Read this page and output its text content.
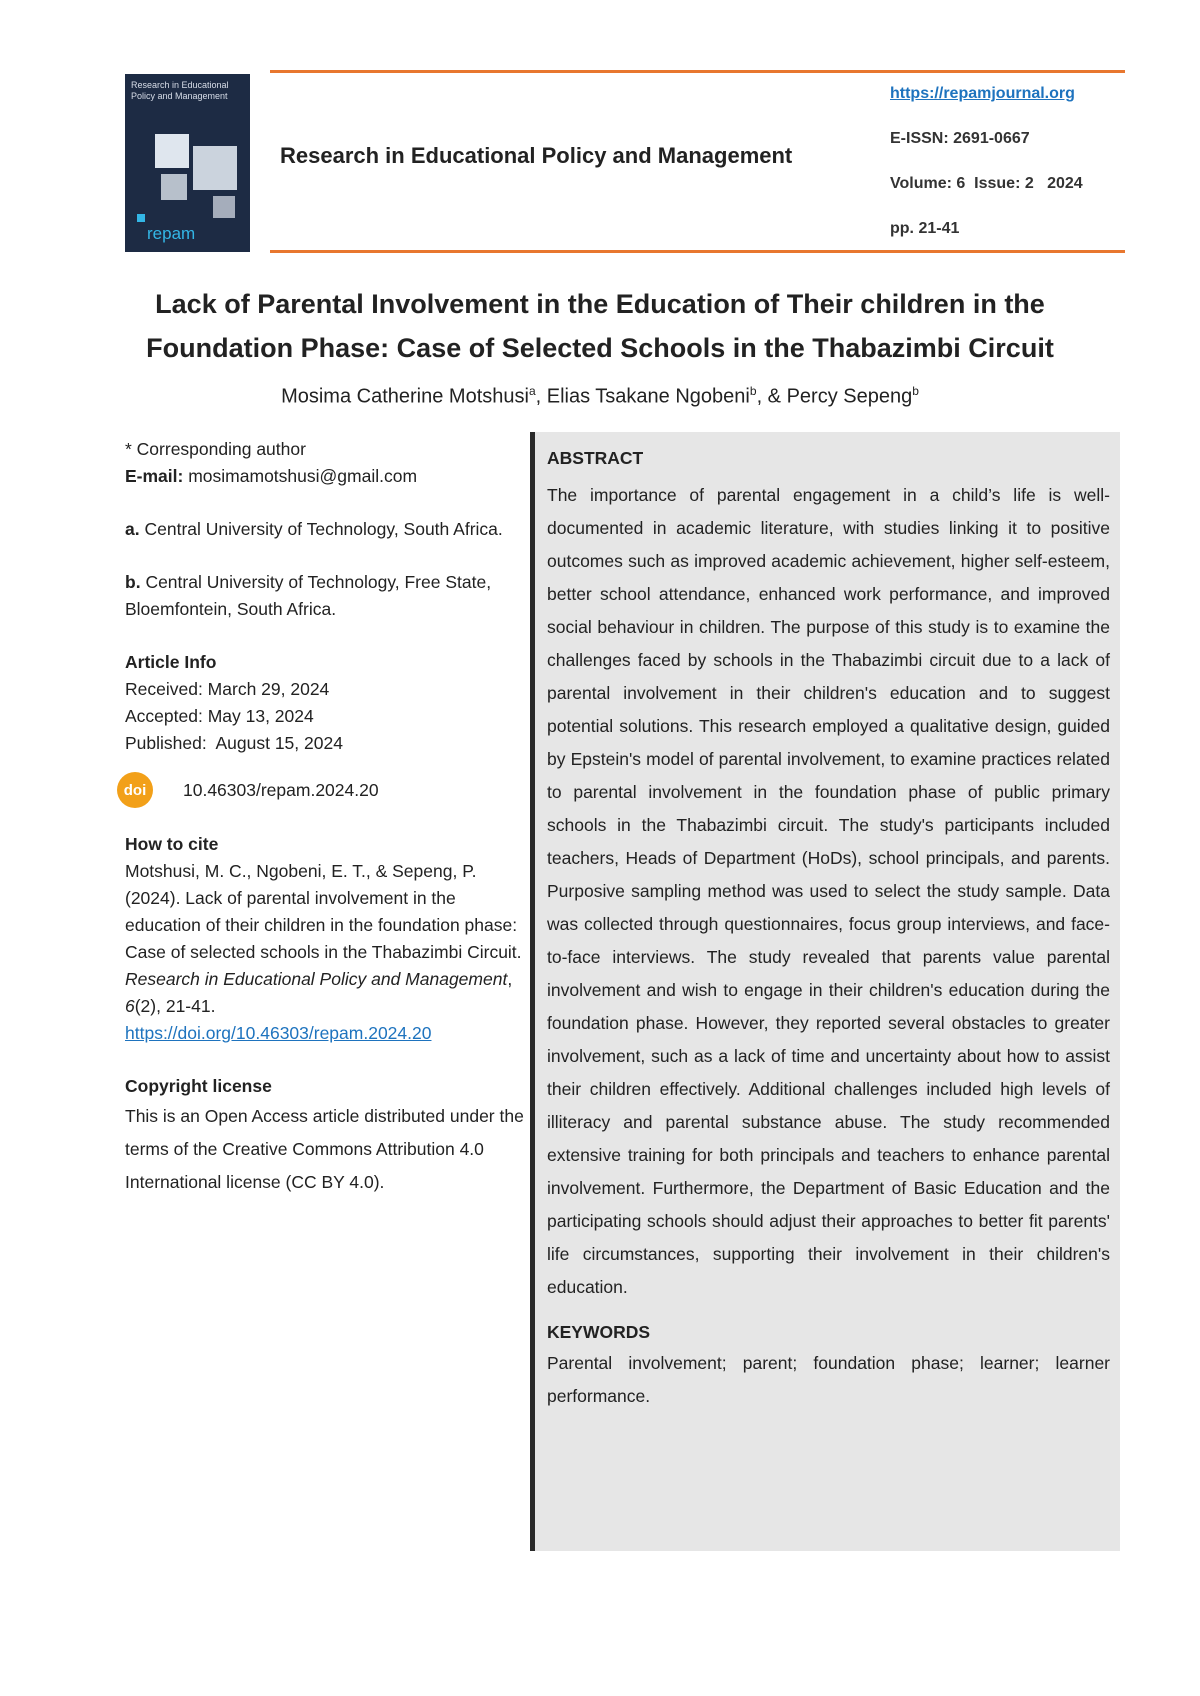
Research in Educational Policy and Management
repam
Research in Educational Policy and Management
https://repamjournal.org
E-ISSN: 2691-0667
Volume: 6  Issue: 2   2024
pp. 21-41
Lack of Parental Involvement in the Education of Their children in the Foundation Phase: Case of Selected Schools in the Thabazimbi Circuit
Mosima Catherine Motshusi$^a$, Elias Tsakane Ngobeni$^b$, & Percy Sepeng$^b$

* Corresponding author

E-mail: mosimamotshusi@gmail.com

a. Central University of Technology, South Africa.

b. Central University of Technology, Free State, Bloemfontein, South Africa.

Article Info

Received: March 29, 2024

Accepted: May 13, 2024

Published:  August 15, 2024

doi	10.46303/repam.2024.20

How to cite

Motshusi, M. C., Ngobeni, E. T., & Sepeng, P. (2024). Lack of parental involvement in the education of their children in the foundation phase: Case of selected schools in the Thabazimbi Circuit. Research in Educational Policy and Management, 6(2), 21-41.
https://doi.org/10.46303/repam.2024.20

Copyright license

This is an Open Access article distributed under the terms of the Creative Commons Attribution 4.0 International license (CC BY 4.0).

ABSTRACT

The importance of parental engagement in a child’s life is well-documented in academic literature, with studies linking it to positive outcomes such as improved academic achievement, higher self-esteem, better school attendance, enhanced work performance, and improved social behaviour in children. The purpose of this study is to examine the challenges faced by schools in the Thabazimbi circuit due to a lack of parental involvement in their children's education and to suggest potential solutions. This research employed a qualitative design, guided by Epstein's model of parental involvement, to examine practices related to parental involvement in the foundation phase of public primary schools in the Thabazimbi circuit. The study's participants included teachers, Heads of Department (HoDs), school principals, and parents. Purposive sampling method was used to select the study sample. Data was collected through questionnaires, focus group interviews, and face-to-face interviews. The study revealed that parents value parental involvement and wish to engage in their children's education during the foundation phase. However, they reported several obstacles to greater involvement, such as a lack of time and uncertainty about how to assist their children effectively. Additional challenges included high levels of illiteracy and parental substance abuse. The study recommended extensive training for both principals and teachers to enhance parental involvement. Furthermore, the Department of Basic Education and the participating schools should adjust their approaches to better fit parents' life circumstances, supporting their involvement in their children's education.

KEYWORDS

Parental involvement; parent; foundation phase; learner; learner performance.
